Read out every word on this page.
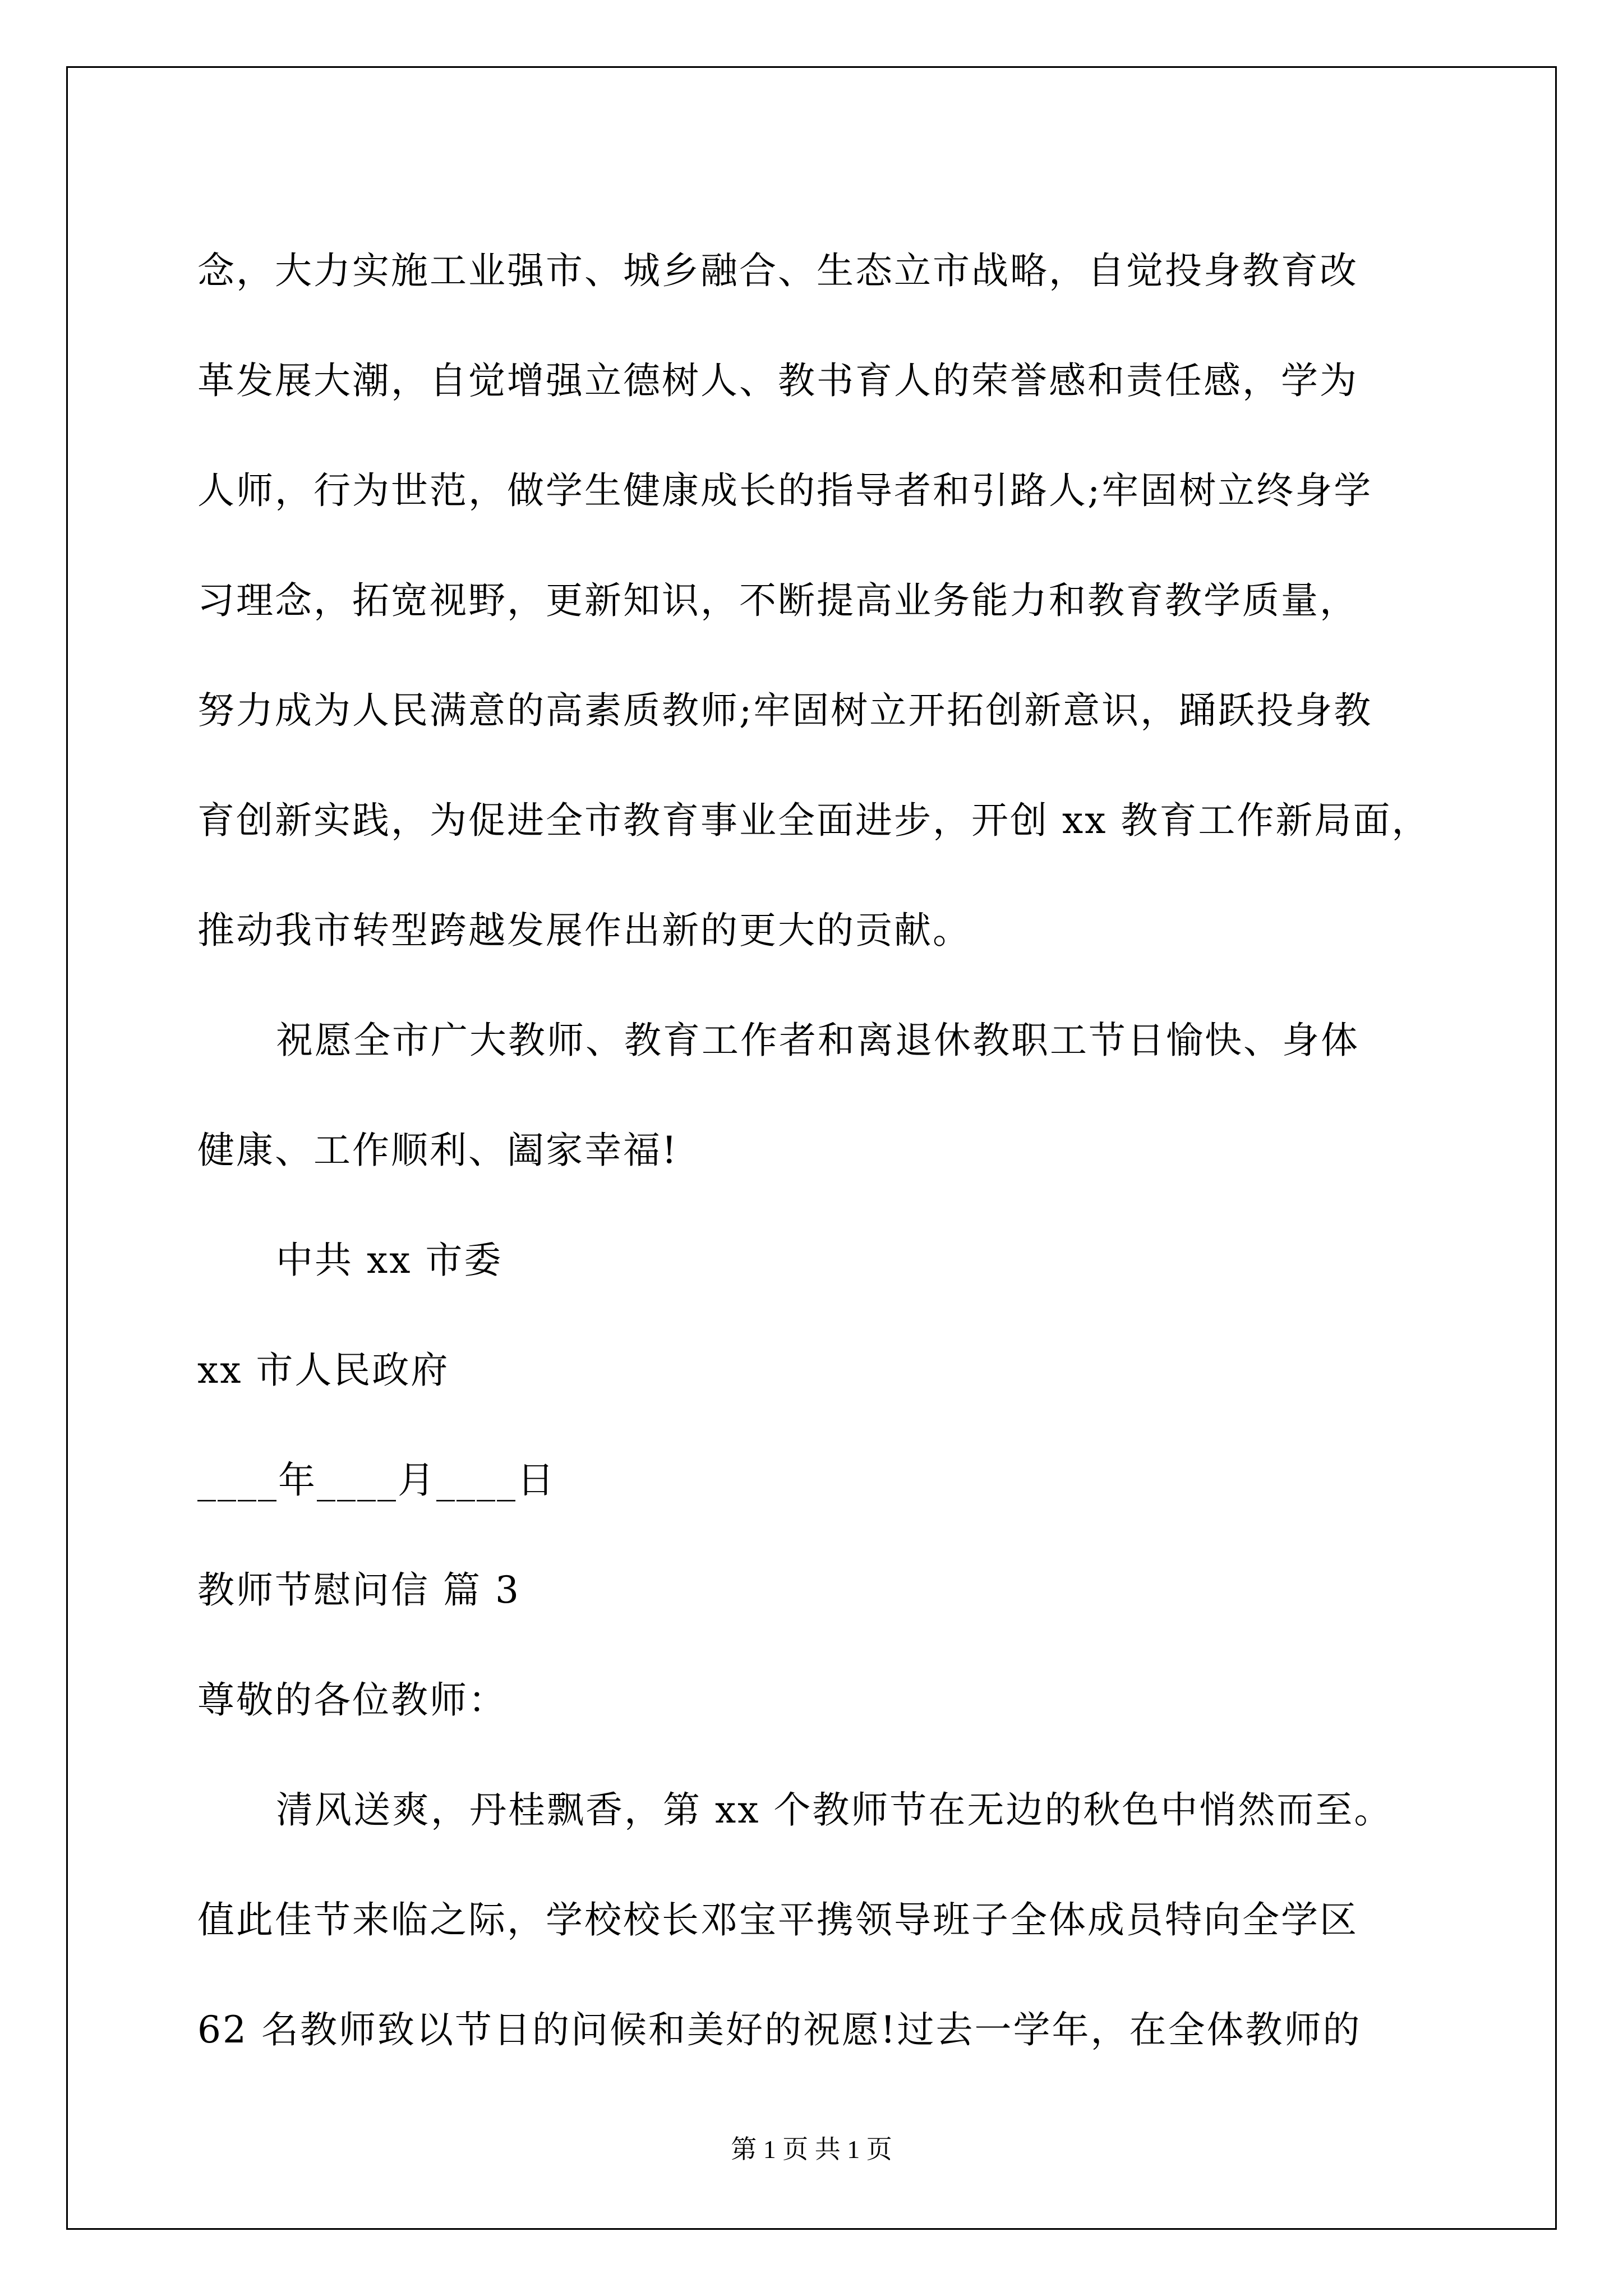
念，大力实施工业强市、城乡融合、生态立市战略，自觉投身教育改
革发展大潮，自觉增强立德树人、教书育人的荣誉感和责任感，学为
人师，行为世范，做学生健康成长的指导者和引路人;牢固树立终身学
习理念，拓宽视野，更新知识，不断提高业务能力和教育教学质量，
努力成为人民满意的高素质教师;牢固树立开拓创新意识，踊跃投身教
育创新实践，为促进全市教育事业全面进步，开创 xx 教育工作新局面，
推动我市转型跨越发展作出新的更大的贡献。
祝愿全市广大教师、教育工作者和离退休教职工节日愉快、身体
健康、工作顺利、阖家幸福!
中共 xx 市委
xx 市人民政府
____年____月____日
教师节慰问信 篇 3
尊敬的各位教师：
清风送爽，丹桂飘香，第 xx 个教师节在无边的秋色中悄然而至。
值此佳节来临之际，学校校长邓宝平携领导班子全体成员特向全学区
62 名教师致以节日的问候和美好的祝愿!过去一学年，在全体教师的
第 1 页 共 1 页
